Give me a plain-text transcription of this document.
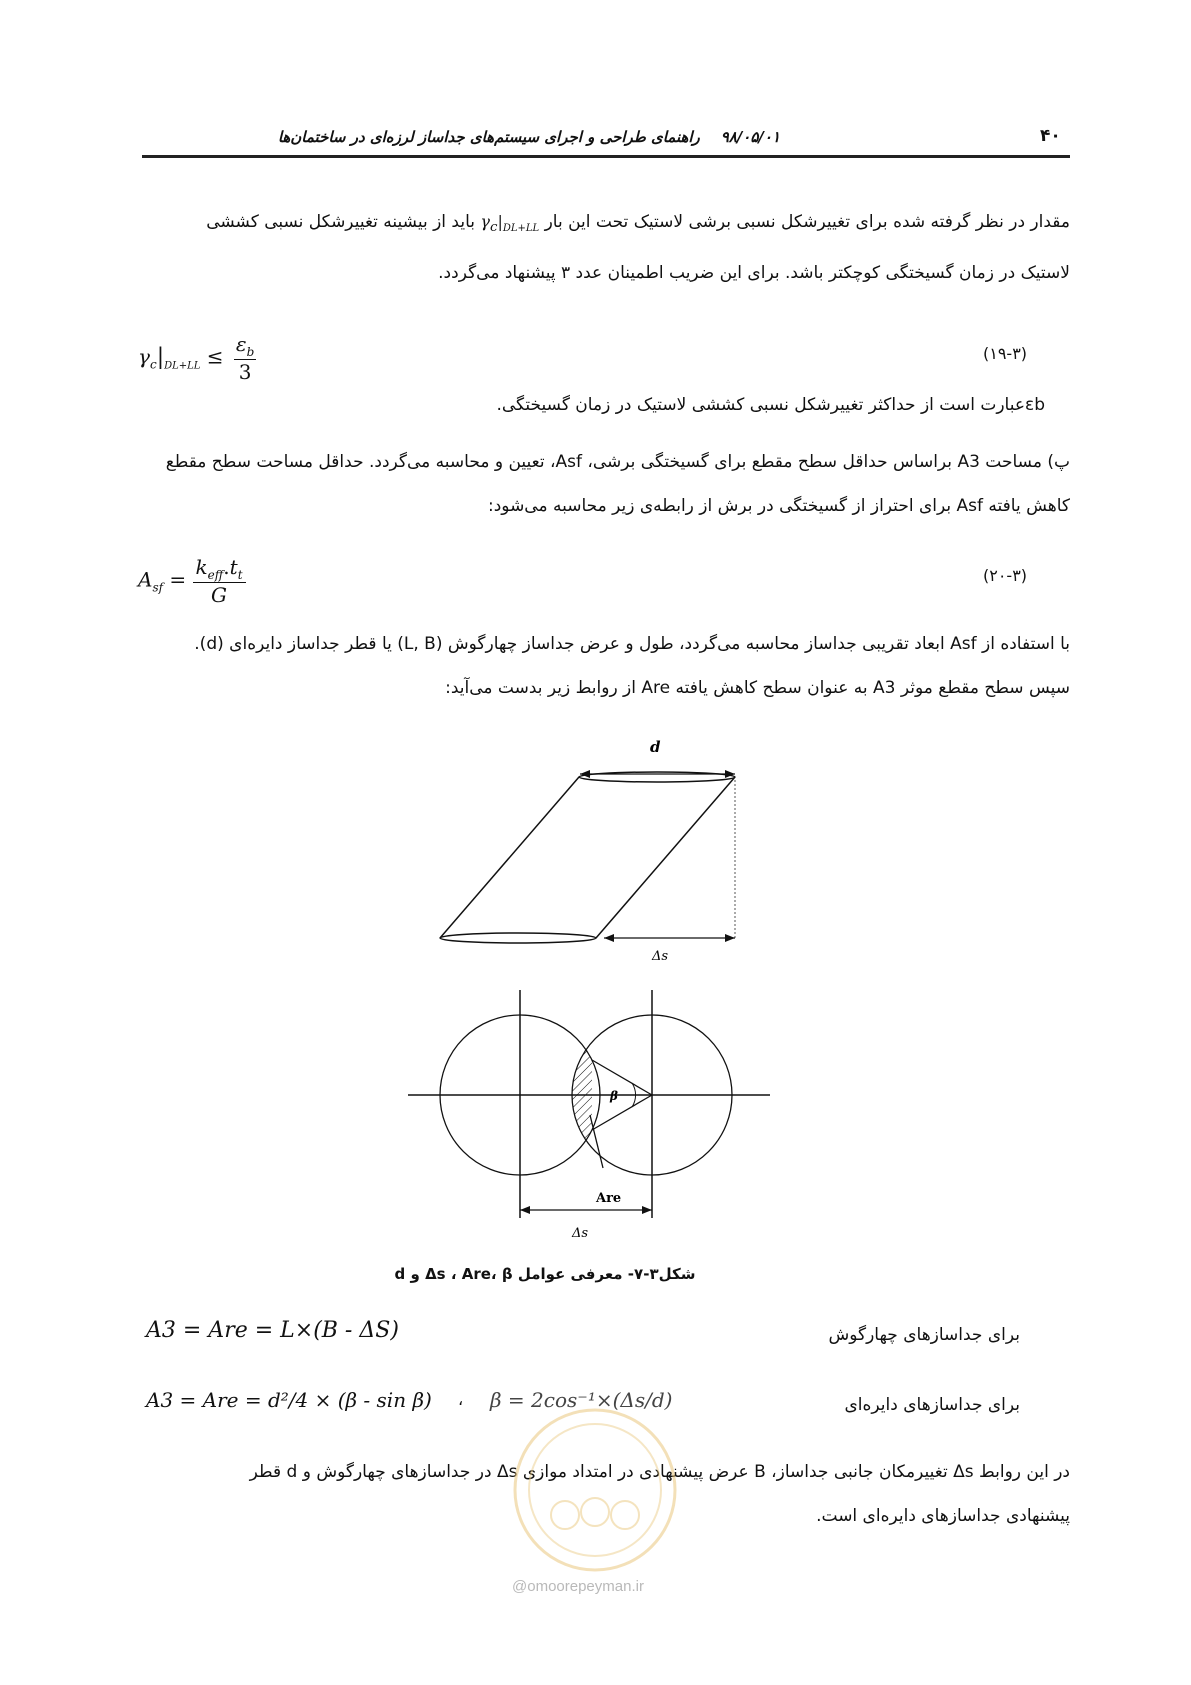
۴۰
۹۸/۰۵/۰۱    راهنمای طراحی و اجرای سیستم‌های جداساز لرزه‌ای در ساختمان‌ها

مقدار در نظر گرفته شده برای تغییرشکل نسبی برشی لاستیک تحت این بار $\gamma_c|_{DL+LL}$ باید از بیشینه تغییرشکل نسبی کششی

لاستیک در زمان گسیختگی کوچکتر باشد. برای این ضریب اطمینان عدد ۳ پیشنهاد می‌گردد.

$\gamma_c|_{DL+LL} \le \frac{\varepsilon_b}{3}$	(۱۹-۳)
εbعبارت است از حداکثر تغییرشکل نسبی کششی لاستیک در زمان گسیختگی.

پ) مساحت A3 براساس حداقل سطح مقطع برای گسیختگی برشی، Asf، تعیین و محاسبه می‌گردد. حداقل مساحت سطح مقطع

کاهش یافته Asf برای احتراز از گسیختگی در برش از رابطه‌ی زیر محاسبه می‌شود:

$A_{sf}$ =
$k_{eff}.t_t$
G
(۲۰-۳)

با استفاده از Asf ابعاد تقریبی جداساز محاسبه می‌گردد، طول و عرض جداساز چهارگوش (L, B) یا قطر جداساز دایره‌ای (d).

سپس سطح مقطع موثر A3 به عنوان سطح کاهش یافته Are از روابط زیر بدست می‌آید:

d
Δs
β
Are
Δs
شکل۳-۷- معرفی عوامل Δs ، Are، β و d
برای جداسازهای چهارگوش
A3 = Are = L×(B - ΔS)
برای جداسازهای دایره‌ای
A3 = Are = d²/4 × (β - sin β) ، β = 2cos⁻¹×(Δs/d)

در این روابط Δs تغییرمکان جانبی جداساز، B عرض پیشنهادی در امتداد موازی Δs در جداسازهای چهارگوش و d قطر

پیشنهادی جداسازهای دایره‌ای است.

@omoorepeyman.ir
